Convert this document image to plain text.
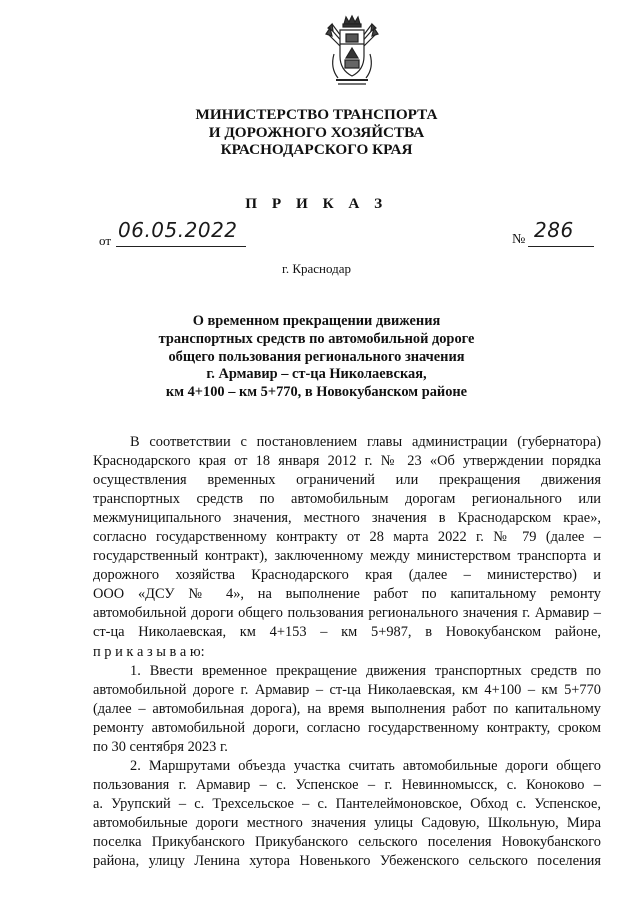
МИНИСТЕРСТВО ТРАНСПОРТА
И ДОРОЖНОГО ХОЗЯЙСТВА
КРАСНОДАРСКОГО КРАЯ
П Р И К А З
от 06.05.2022	№ 286
г. Краснодар
О временном прекращении движения
транспортных средств по автомобильной дороге
общего пользования регионального значения
г. Армавир – ст-ца Николаевская,
км 4+100 – км 5+770, в Новокубанском районе
В соответствии с постановлением главы администрации (губернатора)
Краснодарского края от 18 января 2012 г. № 23 «Об утверждении порядка
осуществления временных ограничений или прекращения движения
транспортных средств по автомобильным дорогам регионального или
межмуниципального значения, местного значения в Краснодарском крае»,
согласно государственному контракту от 28 марта 2022 г. № 79 (далее –
государственный контракт), заключенному между министерством транспорта и
дорожного хозяйства Краснодарского края (далее – министерство) и
ООО «ДСУ № 4», на выполнение работ по капитальному ремонту
автомобильной дороги общего пользования регионального значения г. Армавир –
ст-ца Николаевская, км 4+153 – км 5+987, в Новокубанском районе,
п р и к а з ы в а ю:
1. Ввести временное прекращение движения транспортных средств по
автомобильной дороге г. Армавир – ст-ца Николаевская, км 4+100 – км 5+770
(далее – автомобильная дорога), на время выполнения работ по капитальному
ремонту автомобильной дороги, согласно государственному контракту, сроком
по 30 сентября 2023 г.
2. Маршрутами объезда участка считать автомобильные дороги общего
пользования г. Армавир – с. Успенское – г. Невинномысск, с. Коноково –
а. Урупский – с. Трехсельское – с. Пантелеймоновское, Обход с. Успенское,
автомобильные дороги местного значения улицы Садовую, Школьную, Мира
поселка Прикубанского Прикубанского сельского поселения Новокубанского
района, улицу Ленина хутора Новенького Убеженского сельского поселения
